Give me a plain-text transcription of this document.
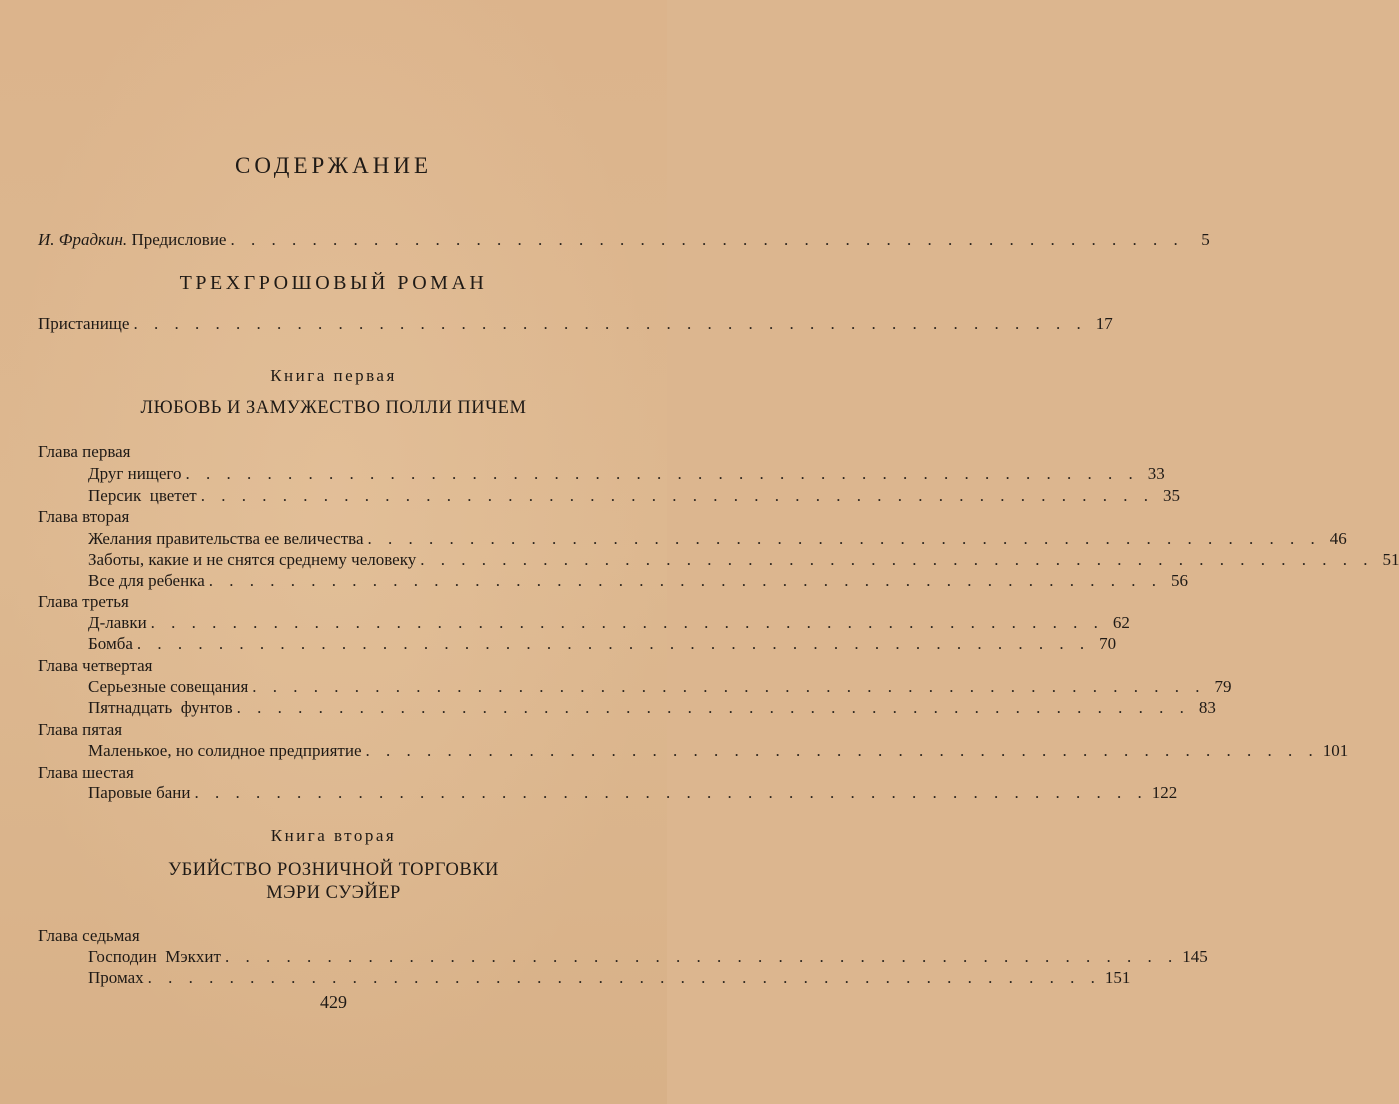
СОДЕРЖАНИЕ
И. Фрадкин. Предисловие . . . . . . . . . . . . . . . . . . . . . . . . . . . . . . . . . . . . . . . . . . . . . . .	5
ТРЕХГРОШОВЫЙ РОМАН
Пристанище . . . . . . . . . . . . . . . . . . . . . . . . . . . . . . . . . . . . . . . . . . . . . . . 17
Книга первая
ЛЮБОВЬ И ЗАМУЖЕСТВО ПОЛЛИ ПИЧЕМ
Глава первая
Друг нищего . . . . . . . . . . . . . . . . . . . . . . . . . . . . . . . . . . . . . . . . . . . . . . . 33
Персик  цветет . . . . . . . . . . . . . . . . . . . . . . . . . . . . . . . . . . . . . . . . . . . . . . . 35
Глава вторая
Желания правительства ее величества . . . . . . . . . . . . . . . . . . . . . . . . . . . . . . . . . . . . . . . . . . . . . . . 46
Заботы, какие и не снятся среднему человеку . . . . . . . . . . . . . . . . . . . . . . . . . . . . . . . . . . . . . . . . . . . . . . . 51
Все для ребенка . . . . . . . . . . . . . . . . . . . . . . . . . . . . . . . . . . . . . . . . . . . . . . . 56
Глава третья
Д-лавки . . . . . . . . . . . . . . . . . . . . . . . . . . . . . . . . . . . . . . . . . . . . . . . 62
Бомба . . . . . . . . . . . . . . . . . . . . . . . . . . . . . . . . . . . . . . . . . . . . . . . 70
Глава четвертая
Серьезные совещания . . . . . . . . . . . . . . . . . . . . . . . . . . . . . . . . . . . . . . . . . . . . . . . 79
Пятнадцать  фунтов . . . . . . . . . . . . . . . . . . . . . . . . . . . . . . . . . . . . . . . . . . . . . . . 83
Глава пятая
Маленькое, но солидное предприятие . . . . . . . . . . . . . . . . . . . . . . . . . . . . . . . . . . . . . . . . . . . . . . . 101
Глава шестая
Паровые бани . . . . . . . . . . . . . . . . . . . . . . . . . . . . . . . . . . . . . . . . . . . . . . . 122
Книга вторая
УБИЙСТВО РОЗНИЧНОЙ ТОРГОВКИ
МЭРИ СУЭЙЕР
Глава седьмая
Господин  Мэкхит . . . . . . . . . . . . . . . . . . . . . . . . . . . . . . . . . . . . . . . . . . . . . . . 145
Промах . . . . . . . . . . . . . . . . . . . . . . . . . . . . . . . . . . . . . . . . . . . . . . . 151
429
